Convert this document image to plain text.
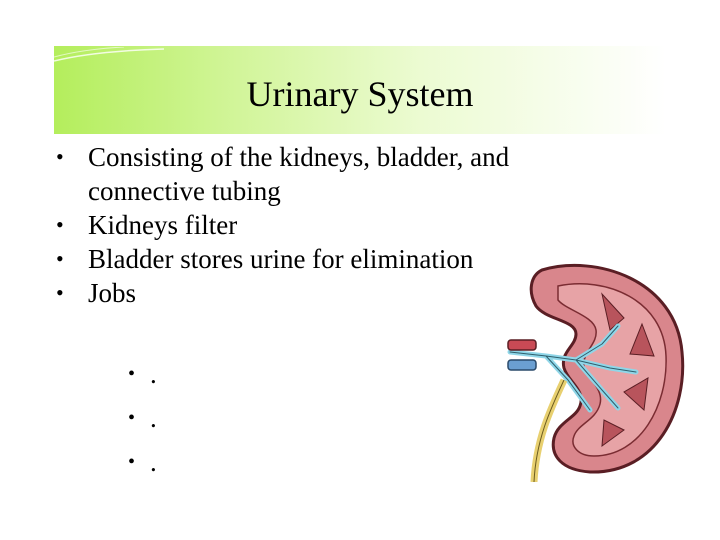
Urinary System
• Consisting of the kidneys, bladder, and connective tubing
• Kidneys filter
• Bladder stores urine for elimination
• Jobs
• .
• .
• .
